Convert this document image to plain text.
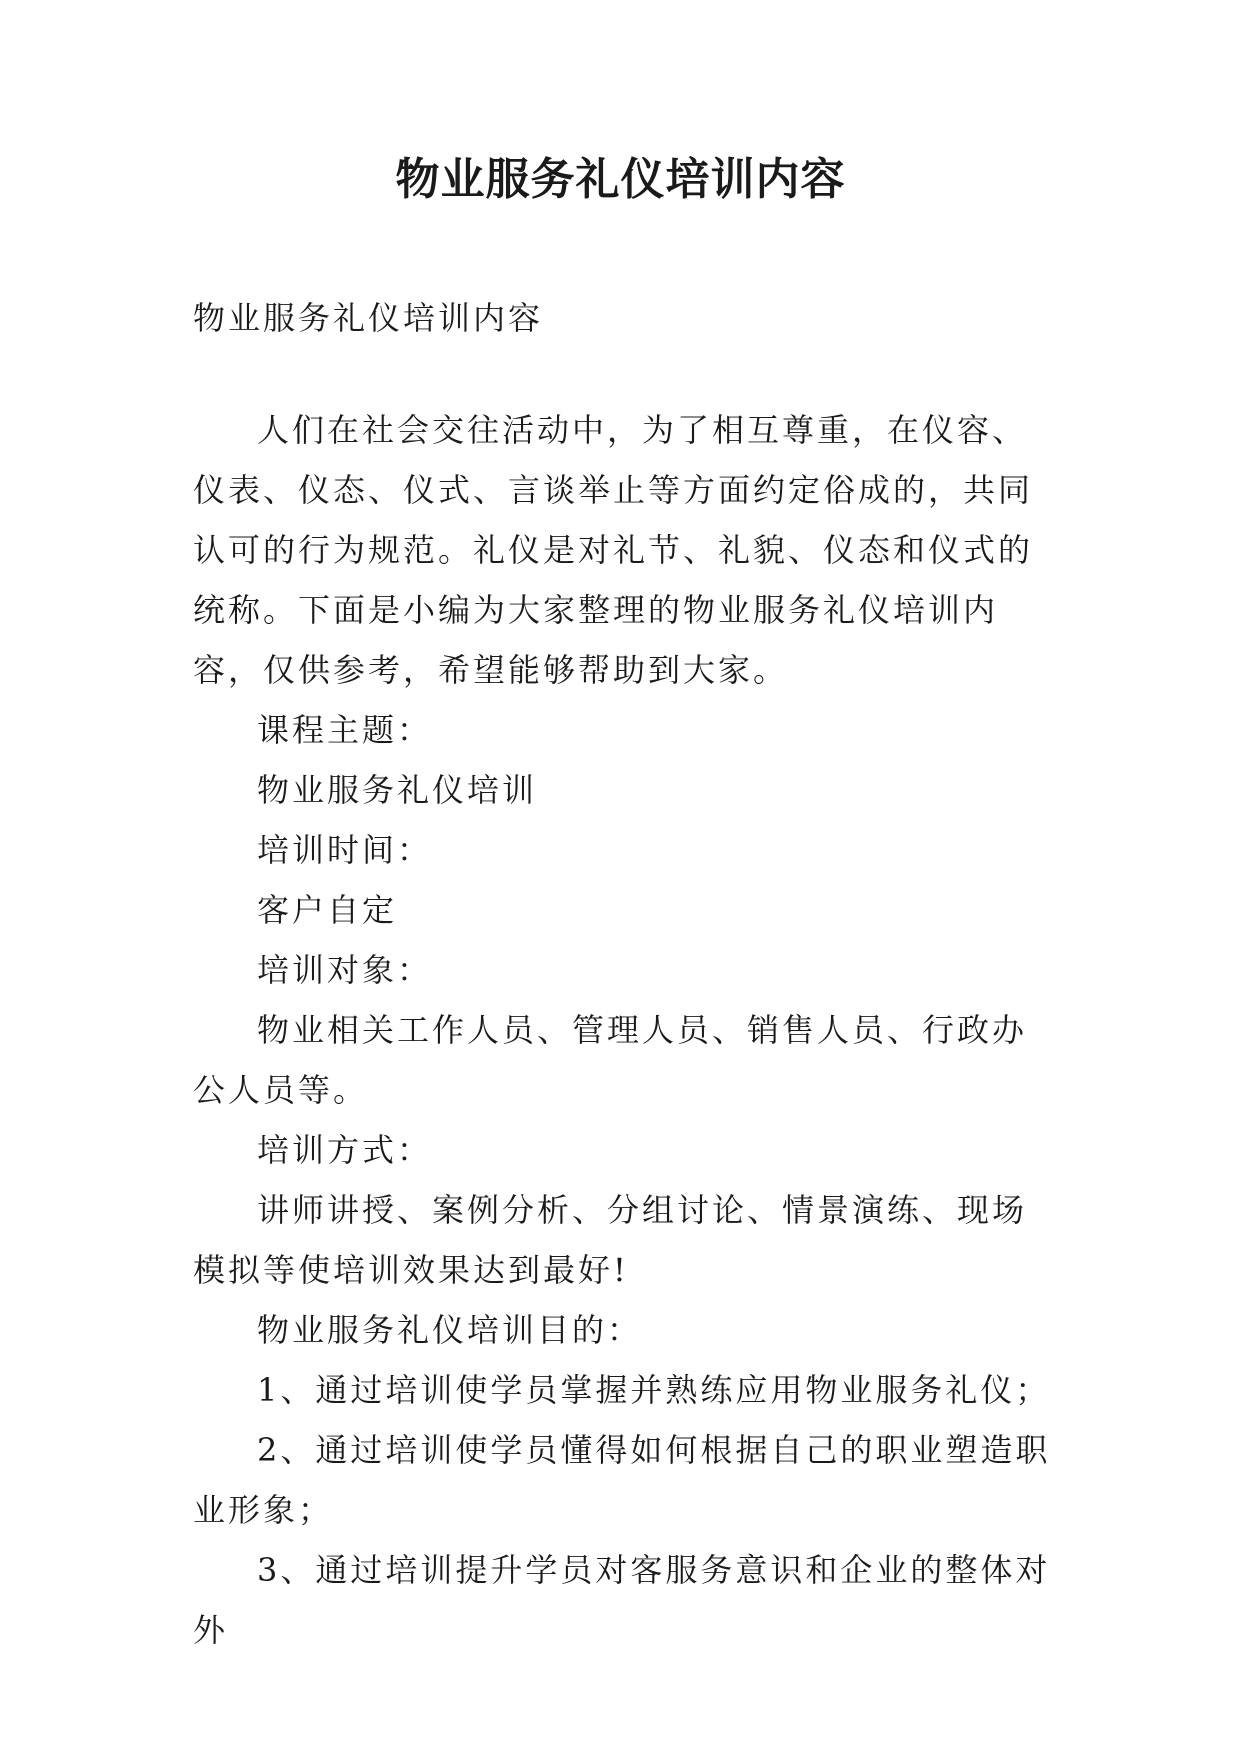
物业服务礼仪培训内容
物业服务礼仪培训内容

人们在社会交往活动中，为了相互尊重，在仪容、仪表、仪态、仪式、言谈举止等方面约定俗成的，共同认可的行为规范。礼仪是对礼节、礼貌、仪态和仪式的统称。下面是小编为大家整理的物业服务礼仪培训内容，仅供参考，希望能够帮助到大家。

课程主题：

物业服务礼仪培训

培训时间：

客户自定

培训对象：

物业相关工作人员、管理人员、销售人员、行政办公人员等。

培训方式：

讲师讲授、案例分析、分组讨论、情景演练、现场模拟等使培训效果达到最好!

物业服务礼仪培训目的：

1、通过培训使学员掌握并熟练应用物业服务礼仪；

2、通过培训使学员懂得如何根据自己的职业塑造职业形象；

3、通过培训提升学员对客服务意识和企业的整体对外
